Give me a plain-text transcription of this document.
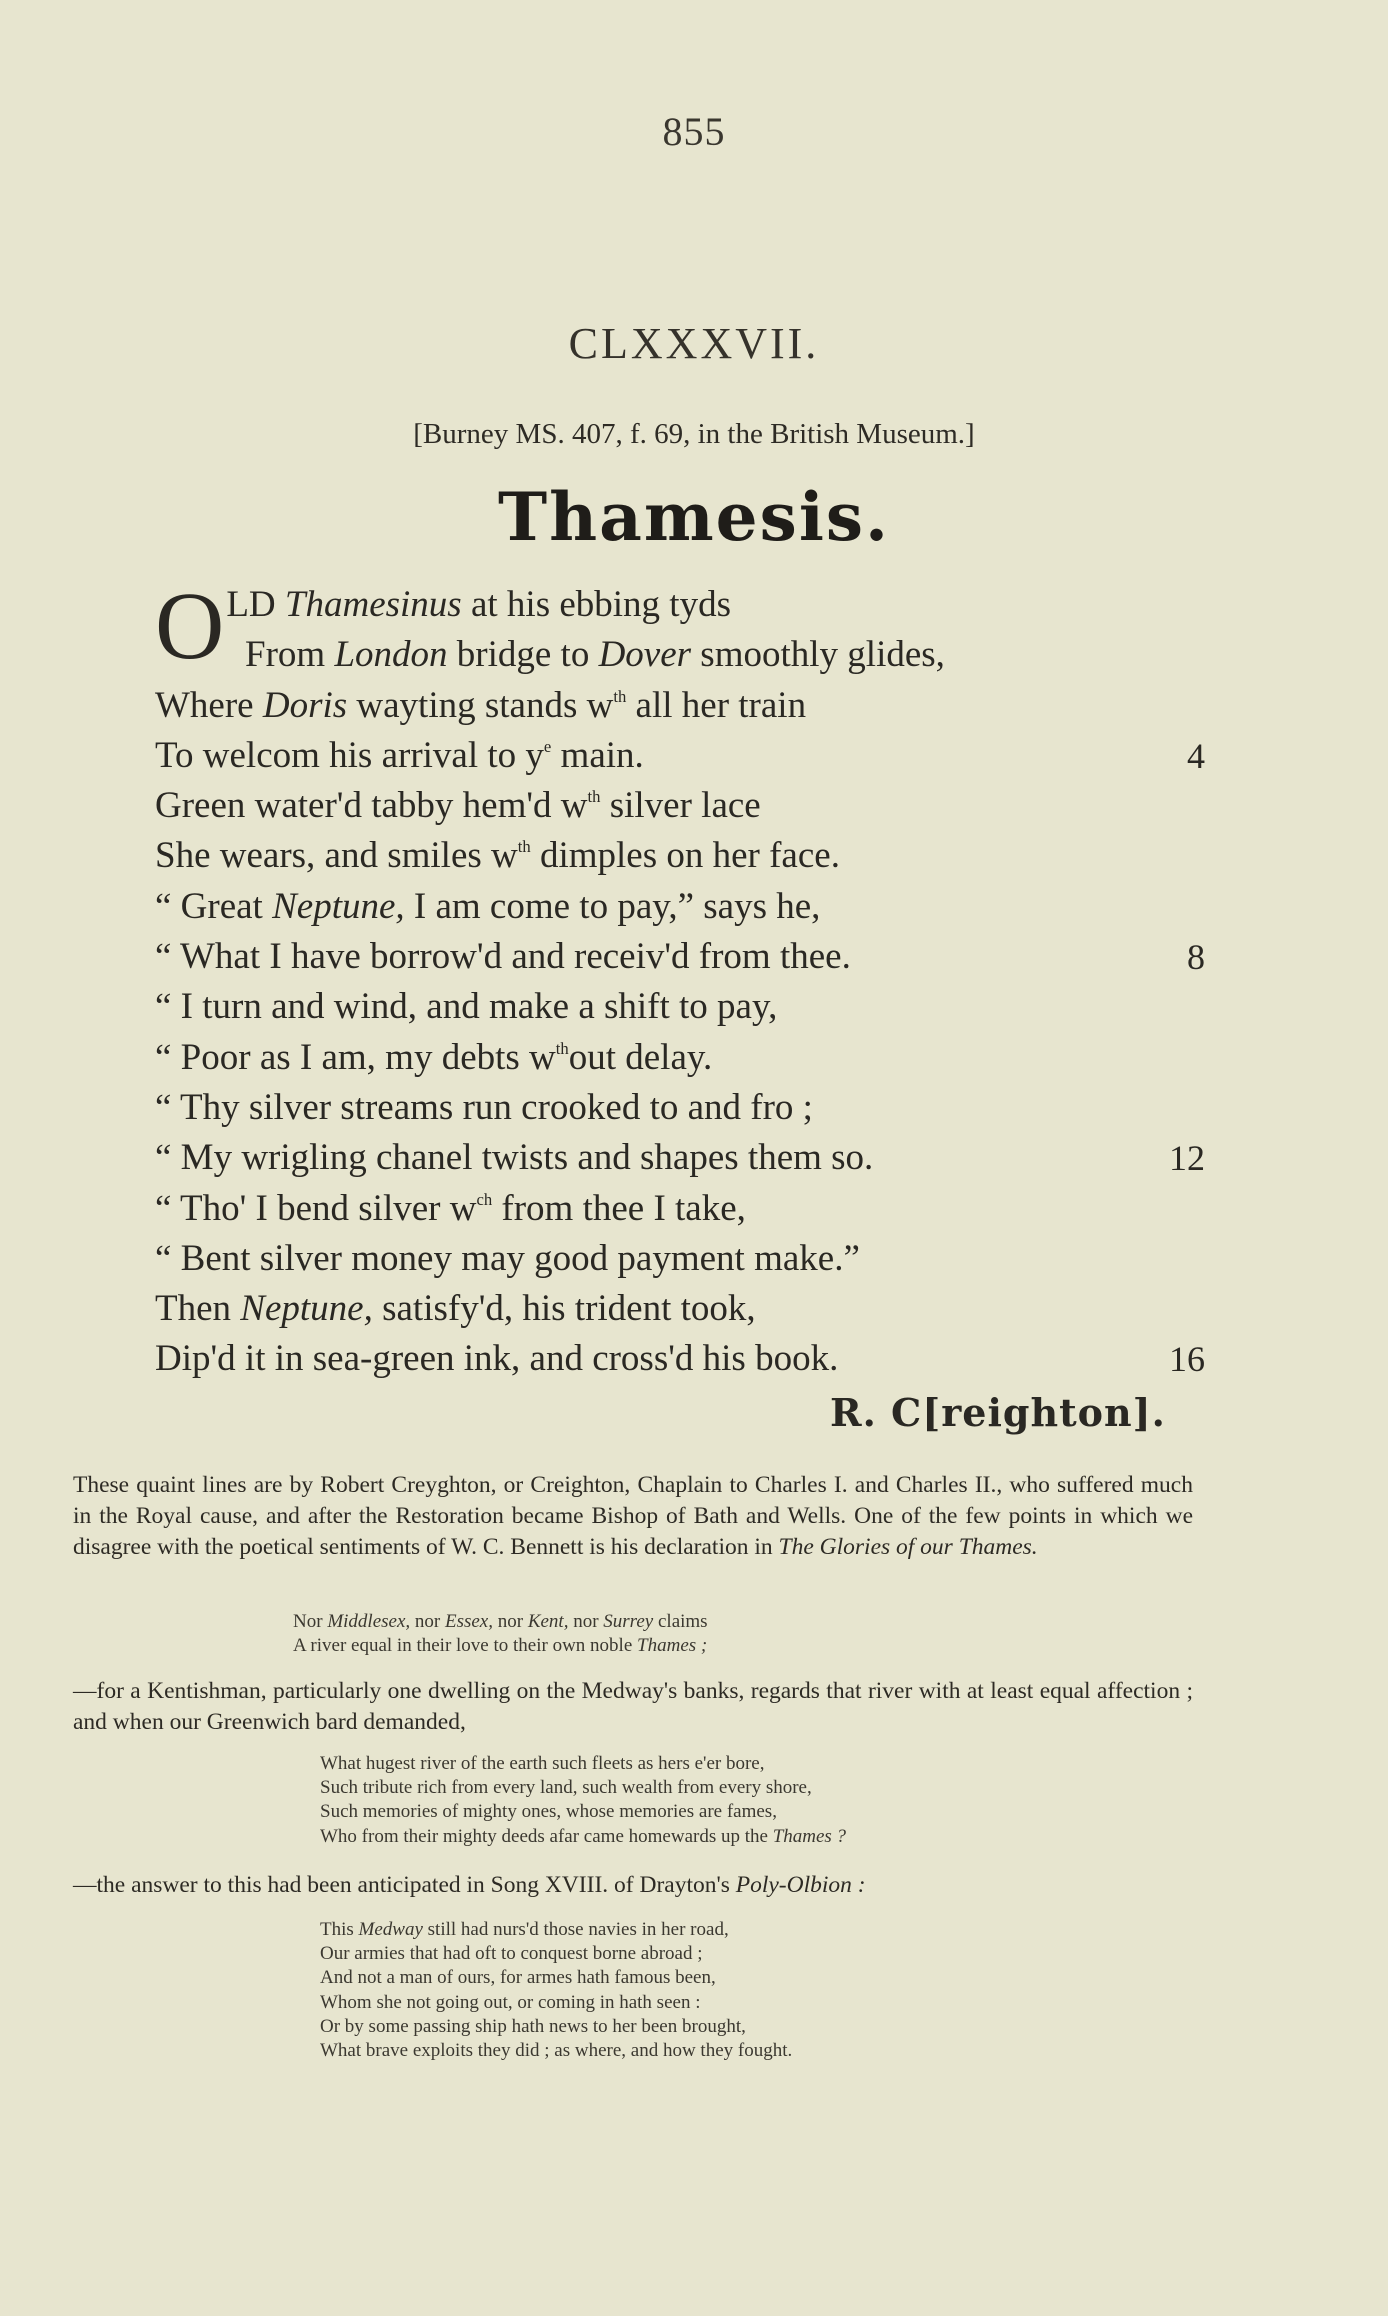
855
CLXXXVII.
[Burney MS. 407, f. 69, in the British Museum.]
Thamesis.
O LD Thamesinus at his ebbing tyds
From London bridge to Dover smoothly glides,
Where Doris wayting stands $w^{th}$ all her train
To welcom his arrival to $y^e$ main.	4
Green water'd tabby hem'd $w^{th}$ silver lace
She wears, and smiles $w^{th}$ dimples on her face.
“ Great Neptune, I am come to pay,” says he,
“ What I have borrow'd and receiv'd from thee.	8
“ I turn and wind, and make a shift to pay,
“ Poor as I am, my debts $w^{th}out$ delay.
“ Thy silver streams run crooked to and fro ;
“ My wrigling chanel twists and shapes them so.	12
“ Tho' I bend silver $w^{ch}$ from thee I take,
“ Bent silver money may good payment make.”
Then Neptune, satisfy'd, his trident took,
Dip'd it in sea-green ink, and cross'd his book.	16
R. C[reighton].
These quaint lines are by Robert Creyghton, or Creighton, Chaplain to Charles I. and Charles II., who suffered much in the Royal cause, and after the Restoration became Bishop of Bath and Wells. One of the few points in which we disagree with the poetical sentiments of W. C. Bennett is his declaration in The Glories of our Thames.
Nor Middlesex, nor Essex, nor Kent, nor Surrey claims
A river equal in their love to their own noble Thames ;
—for a Kentishman, particularly one dwelling on the Medway's banks, regards that river with at least equal affection ; and when our Greenwich bard demanded,
What hugest river of the earth such fleets as hers e'er bore,
Such tribute rich from every land, such wealth from every shore,
Such memories of mighty ones, whose memories are fames,
Who from their mighty deeds afar came homewards up the Thames ?
—the answer to this had been anticipated in Song XVIII. of Drayton's Poly-Olbion :
This Medway still had nurs'd those navies in her road,
Our armies that had oft to conquest borne abroad ;
And not a man of ours, for armes hath famous been,
Whom she not going out, or coming in hath seen :
Or by some passing ship hath news to her been brought,
What brave exploits they did ; as where, and how they fought.
